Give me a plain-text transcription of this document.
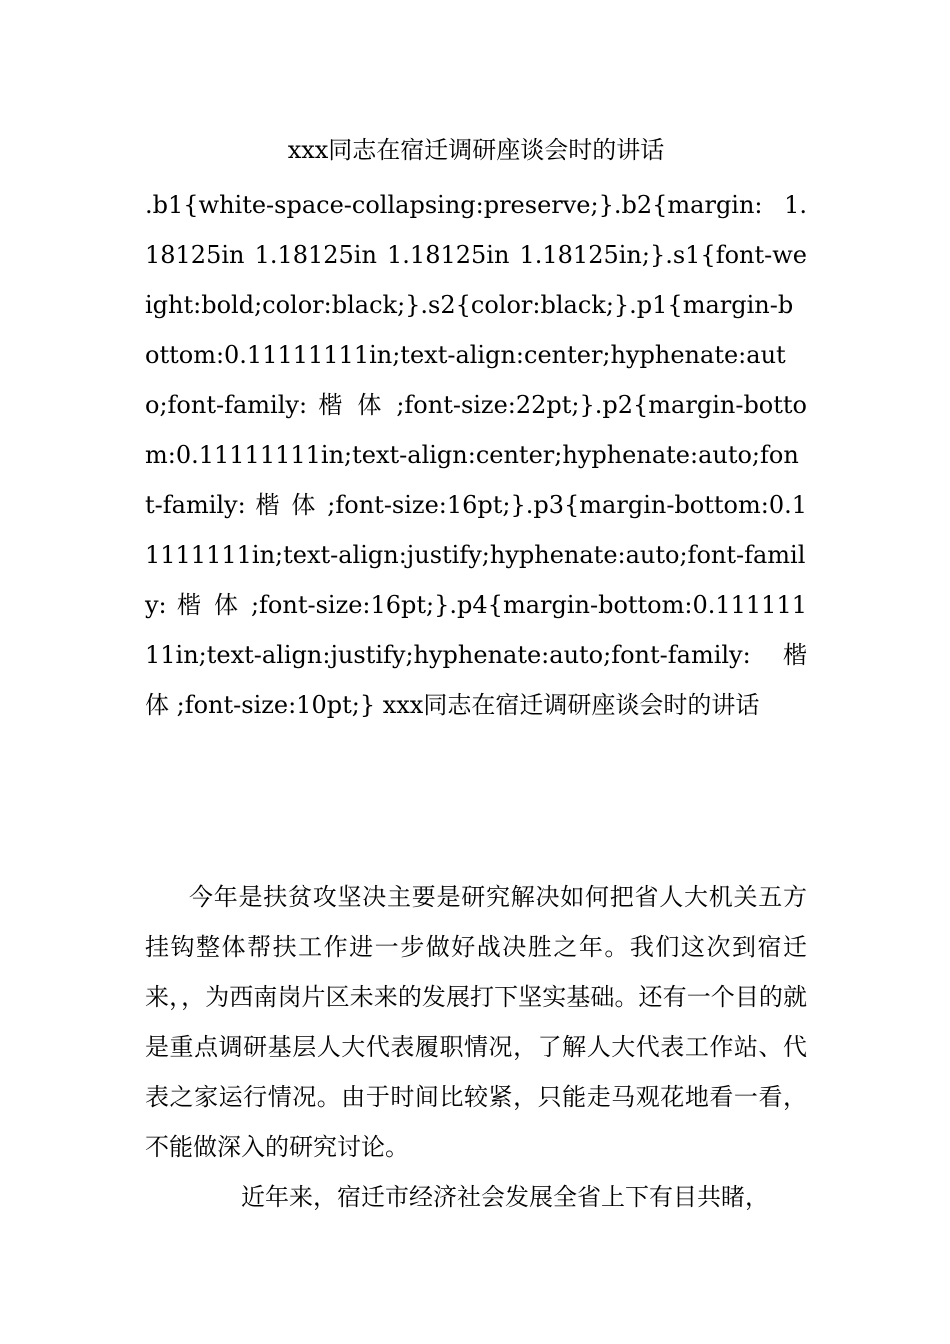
xxx同志在宿迁调研座谈会时的讲话
.b1{white-space-collapsing:preserve;}.b2{margin: 1.18125in 1.18125in 1.18125in 1.18125in;}.s1{font-weight:bold;color:black;}.s2{color:black;}.p1{margin-bottom:0.11111111in;text-align:center;hyphenate:auto;font-family: 楷 体 ;font-size:22pt;}.p2{margin-bottom:0.11111111in;text-align:center;hyphenate:auto;font-family: 楷 体 ;font-size:16pt;}.p3{margin-bottom:0.11111111in;text-align:justify;hyphenate:auto;font-family: 楷 体 ;font-size:16pt;}.p4{margin-bottom:0.11111111in;text-align:justify;hyphenate:auto;font-family: 楷 体 ;font-size:10pt;} xxx同志在宿迁调研座谈会时的讲话
今年是扶贫攻坚决主要是研究解决如何把省人大机关五方挂钩整体帮扶工作进一步做好战决胜之年。我们这次到宿迁来，，为西南岗片区未来的发展打下坚实基础。还有一个目的就是重点调研基层人大代表履职情况，了解人大代表工作站、代表之家运行情况。由于时间比较紧，只能走马观花地看一看，不能做深入的研究讨论。
近年来，宿迁市经济社会发展全省上下有目共睹，
